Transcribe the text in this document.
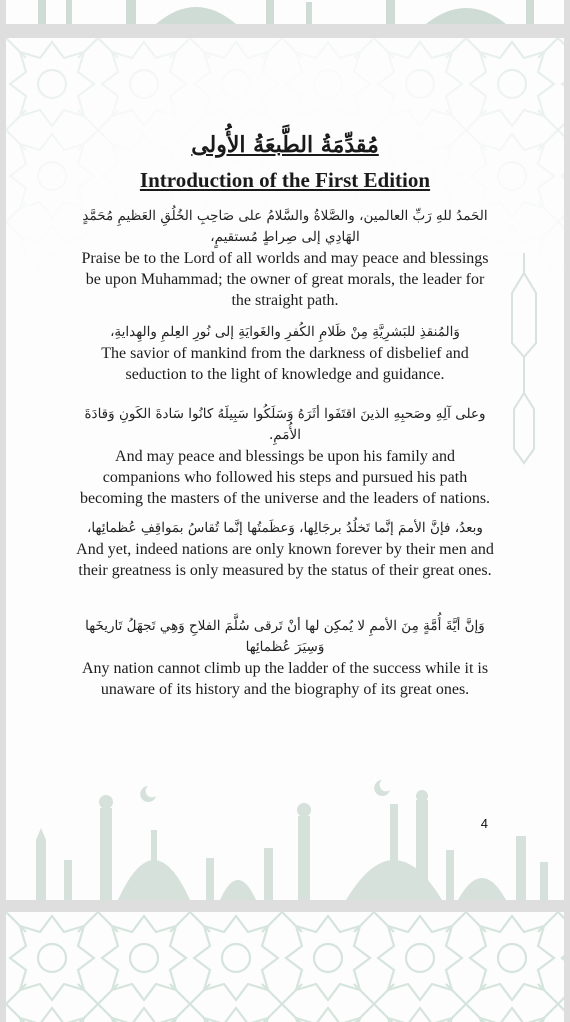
مُقدِّمَةُ الطَّبعَةُ الأُولى
Introduction of the First Edition

الحَمدُ للهِ رَبِّ العالمين، والصَّلاةُ والسَّلامُ على صَاحِبِ الخُلُقِ العَظيمِ مُحَمَّدٍ الهَادِي إلى صِراطٍ مُستقيمٍ،

Praise be to the Lord of all worlds and may peace and blessings be upon Muhammad; the owner of great morals, the leader for the straight path.

وَالمُنقذِ للبَشرِيَّةِ مِنْ ظَلامِ الكُفرِ والغَوايَةِ إلى نُورِ العِلمِ والهِدايةِ،

The savior of mankind from the darkness of disbelief and seduction to the light of knowledge and guidance.

وعلى آلِهِ وصَحبِهِ الذينَ اقتَفَوا أثَرَهُ وَسَلَكُوا سَبِيلَهُ كانُوا سَادةَ الكَونِ وَقادَةَ الأُمَمِ.

And may peace and blessings be upon his family and companions who followed his steps and pursued his path becoming the masters of the universe and the leaders of nations.

وبعدُ، فإنَّ الأممَ إنَّما تَخلُدُ برجَالِها، وَعظَمتُها إنَّما تُقاسُ بمَواقِفِ عُظمائِها،

And yet, indeed nations are only known forever by their men and their greatness is only measured by the status of their great ones.

وَإنَّ أيَّةَ أُمَّةٍ مِنَ الأممِ لا يُمكِن لها أنْ تَرقى سُلَّمَ الفلاحِ وَهِي تَجهَلُ تَاريخَها وَسِيَرَ عُظمائِها

Any nation cannot climb up the ladder of the success while it is unaware of its history and the biography of its great ones.

4
